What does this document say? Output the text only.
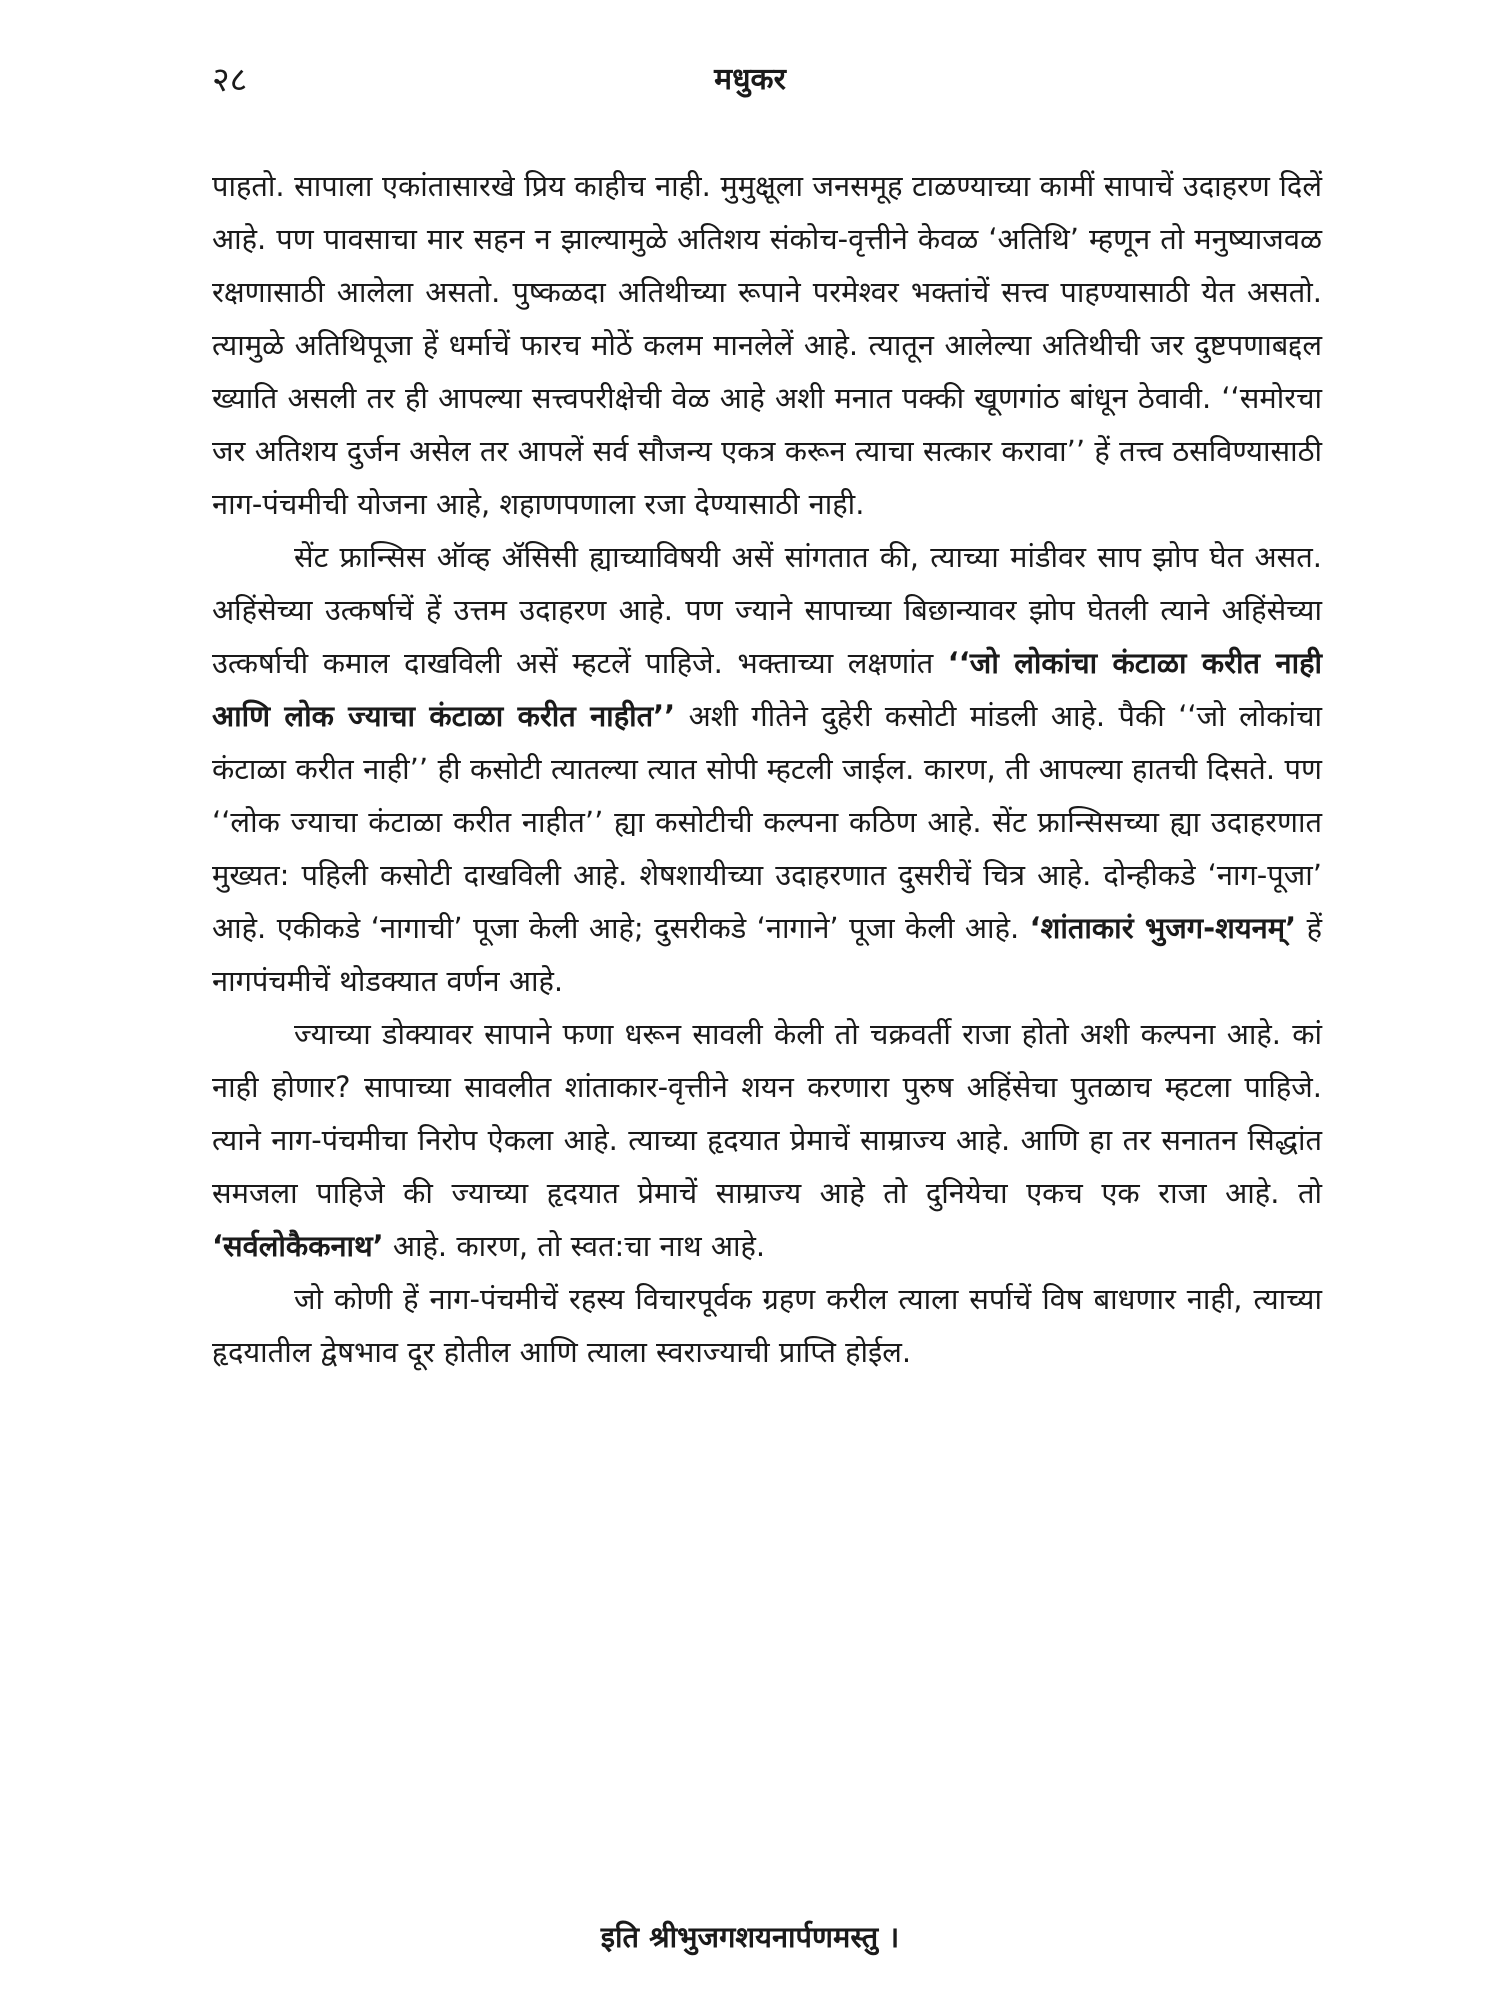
२८	मधुकर

पाहतो. सापाला एकांतासारखे प्रिय काहीच नाही. मुमुक्षूला जनसमूह टाळण्याच्या कामीं सापाचें उदाहरण दिलें आहे. पण पावसाचा मार सहन न झाल्यामुळे अतिशय संकोच-वृत्तीने केवळ ‘अतिथि’ म्हणून तो मनुष्याजवळ रक्षणासाठी आलेला असतो. पुष्कळदा अतिथीच्या रूपाने परमेश्वर भक्तांचें सत्त्व पाहण्यासाठी येत असतो. त्यामुळे अतिथिपूजा हें धर्माचें फारच मोठें कलम मानलेलें आहे. त्यातून आलेल्या अतिथीची जर दुष्टपणाबद्दल ख्याति असली तर ही आपल्या सत्त्वपरीक्षेची वेळ आहे अशी मनात पक्की खूणगांठ बांधून ठेवावी. ‘‘समोरचा जर अतिशय दुर्जन असेल तर आपलें सर्व सौजन्य एकत्र करून त्याचा सत्कार करावा’’ हें तत्त्व ठसविण्यासाठी नाग-पंचमीची योजना आहे, शहाणपणाला रजा देण्यासाठी नाही.

सेंट फ्रान्सिस ऑव्ह ॲसिसी ह्याच्याविषयी असें सांगतात की, त्याच्या मांडीवर साप झोप घेत असत. अहिंसेच्या उत्कर्षाचें हें उत्तम उदाहरण आहे. पण ज्याने सापाच्या बिछान्यावर झोप घेतली त्याने अहिंसेच्या उत्कर्षाची कमाल दाखविली असें म्हटलें पाहिजे. भक्ताच्या लक्षणांत ‘‘जो लोकांचा कंटाळा करीत नाही आणि लोक ज्याचा कंटाळा करीत नाहीत’’ अशी गीतेने दुहेरी कसोटी मांडली आहे. पैकी ‘‘जो लोकांचा कंटाळा करीत नाही’’ ही कसोटी त्यातल्या त्यात सोपी म्हटली जाईल. कारण, ती आपल्या हातची दिसते. पण ‘‘लोक ज्याचा कंटाळा करीत नाहीत’’ ह्या कसोटीची कल्पना कठिण आहे. सेंट फ्रान्सिसच्या ह्या उदाहरणात मुख्यत: पहिली कसोटी दाखविली आहे. शेषशायीच्या उदाहरणात दुसरीचें चित्र आहे. दोन्हीकडे ‘नाग-पूजा’ आहे. एकीकडे ‘नागाची’ पूजा केली आहे; दुसरीकडे ‘नागाने’ पूजा केली आहे. ‘शांताकारं भुजग-शयनम्’ हें नागपंचमीचें थोडक्यात वर्णन आहे.

ज्याच्या डोक्यावर सापाने फणा धरून सावली केली तो चक्रवर्ती राजा होतो अशी कल्पना आहे. कां नाही होणार? सापाच्या सावलीत शांताकार-वृत्तीने शयन करणारा पुरुष अहिंसेचा पुतळाच म्हटला पाहिजे. त्याने नाग-पंचमीचा निरोप ऐकला आहे. त्याच्या हृदयात प्रेमाचें साम्राज्य आहे. आणि हा तर सनातन सिद्धांत समजला पाहिजे की ज्याच्या हृदयात प्रेमाचें साम्राज्य आहे तो दुनियेचा एकच एक राजा आहे. तो ‘सर्वलोकैकनाथ’ आहे. कारण, तो स्वत:चा नाथ आहे.

जो कोणी हें नाग-पंचमीचें रहस्य विचारपूर्वक ग्रहण करील त्याला सर्पाचें विष बाधणार नाही, त्याच्या हृदयातील द्वेषभाव दूर होतील आणि त्याला स्वराज्याची प्राप्ति होईल.

इति श्रीभुजगशयनार्पणमस्तु ।
